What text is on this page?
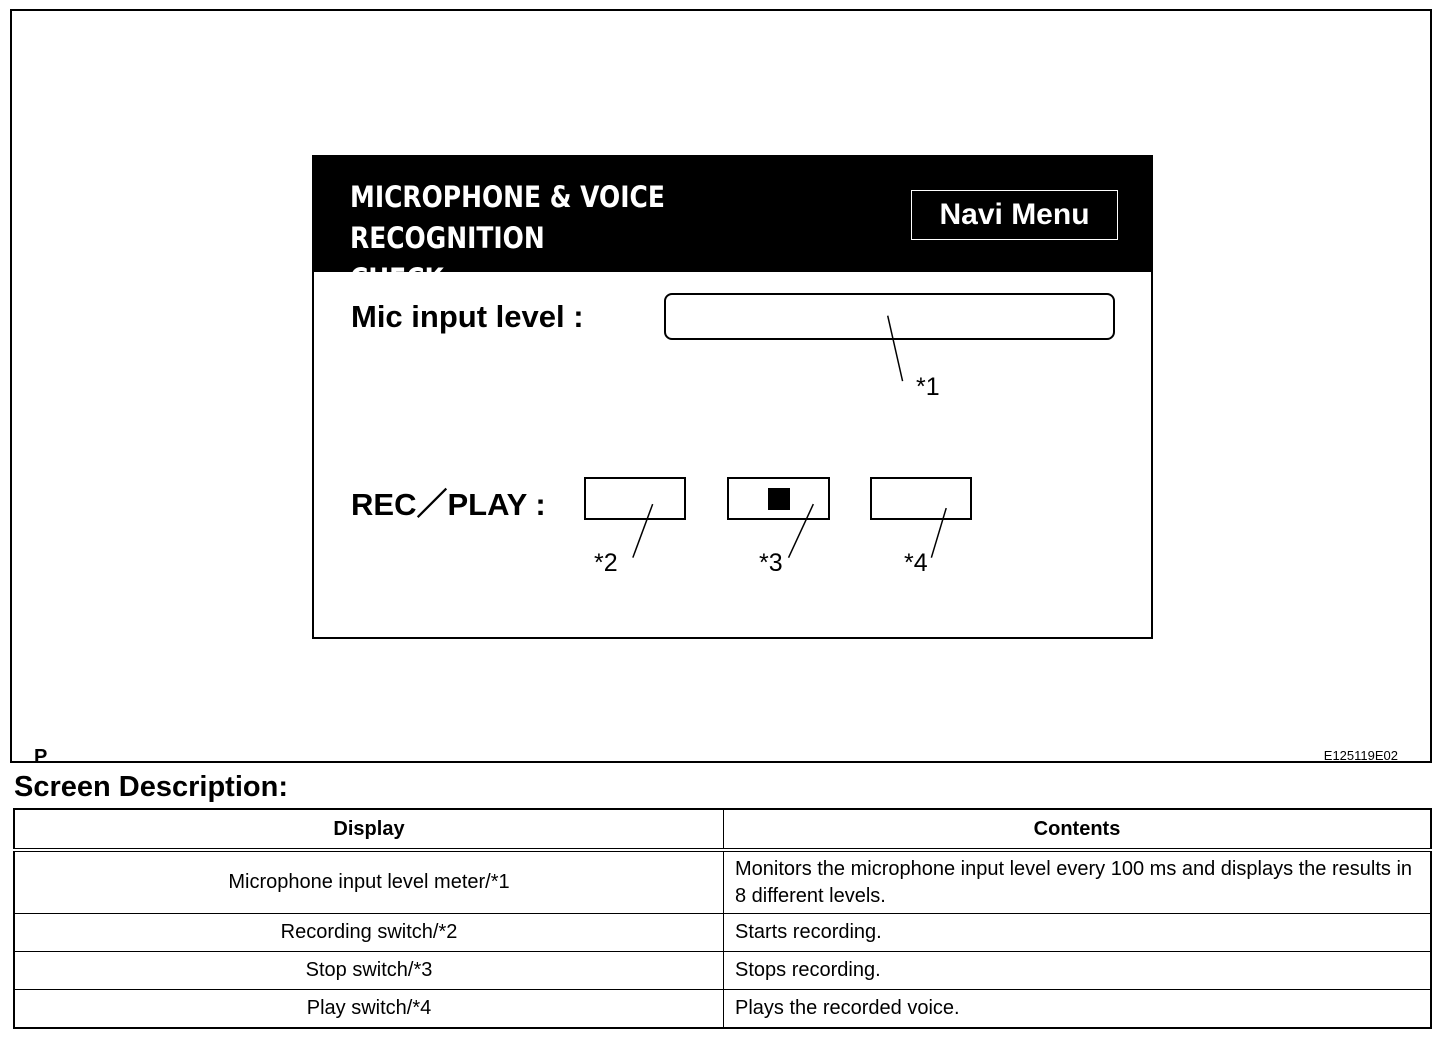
MICROPHONE & VOICE RECOGNITION
CHECK
Navi Menu
Mic input level :
REC／PLAY :
*1
*2	*3	*4
P	E125119E02
Screen Description:
Display	Contents
Microphone input level meter/*1	Monitors the microphone input level every 100 ms and displays the results in 8 different levels.
Recording switch/*2	Starts recording.
Stop switch/*3	Stops recording.
Play switch/*4	Plays the recorded voice.
